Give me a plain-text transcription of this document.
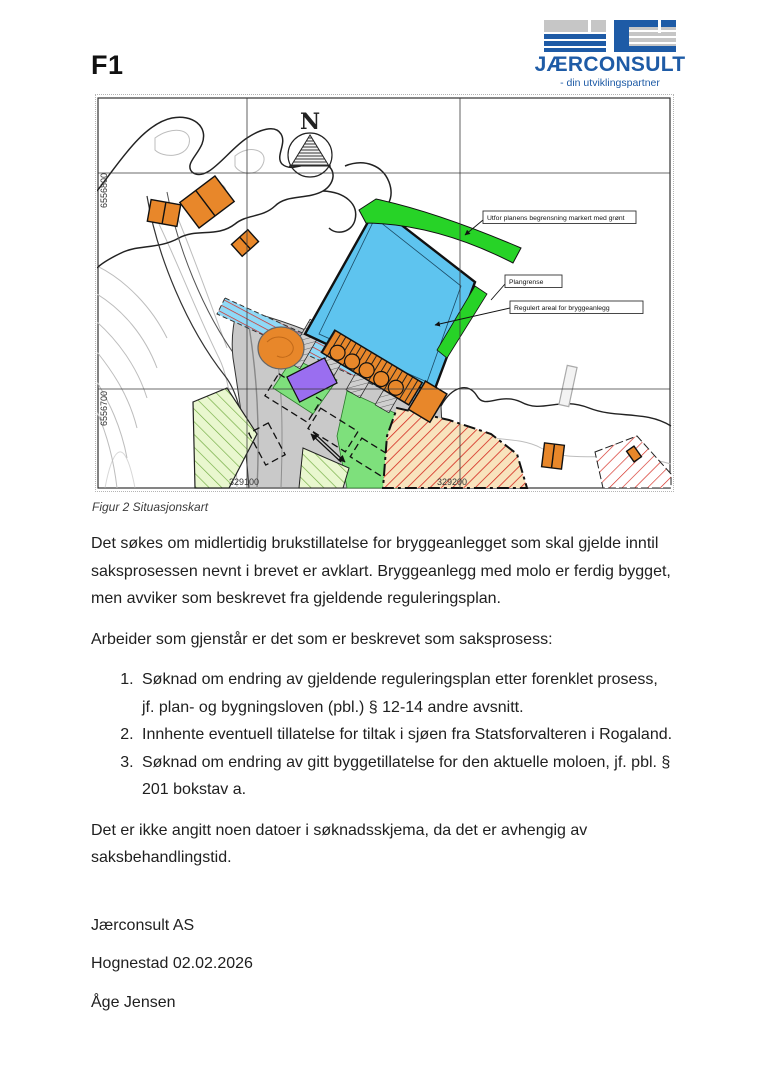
F1	JÆRCONSULT
- din utviklingspartner
6556800
6556700
329100	329200
N
Utfor planens begrensning markert med grønt
Plangrense
Regulert areal for bryggeanlegg
Figur 2 Situasjonskart

Det søkes om midlertidig brukstillatelse for bryggeanlegget som skal gjelde inntil saksprosessen nevnt i brevet er avklart. Bryggeanlegg med molo er ferdig bygget, men avviker som beskrevet fra gjeldende reguleringsplan.

Arbeider som gjenstår er det som er beskrevet som saksprosess:

1. Søknad om endring av gjeldende reguleringsplan etter forenklet prosess, jf. plan- og bygningsloven (pbl.) § 12-14 andre avsnitt.
2. Innhente eventuell tillatelse for tiltak i sjøen fra Statsforvalteren i Rogaland.
3. Søknad om endring av gitt byggetillatelse for den aktuelle moloen, jf. pbl. § 201 bokstav a.

Det er ikke angitt noen datoer i søknadsskjema, da det er avhengig av saksbehandlingstid.

Jærconsult AS
Hognestad 02.02.2026
Åge Jensen
